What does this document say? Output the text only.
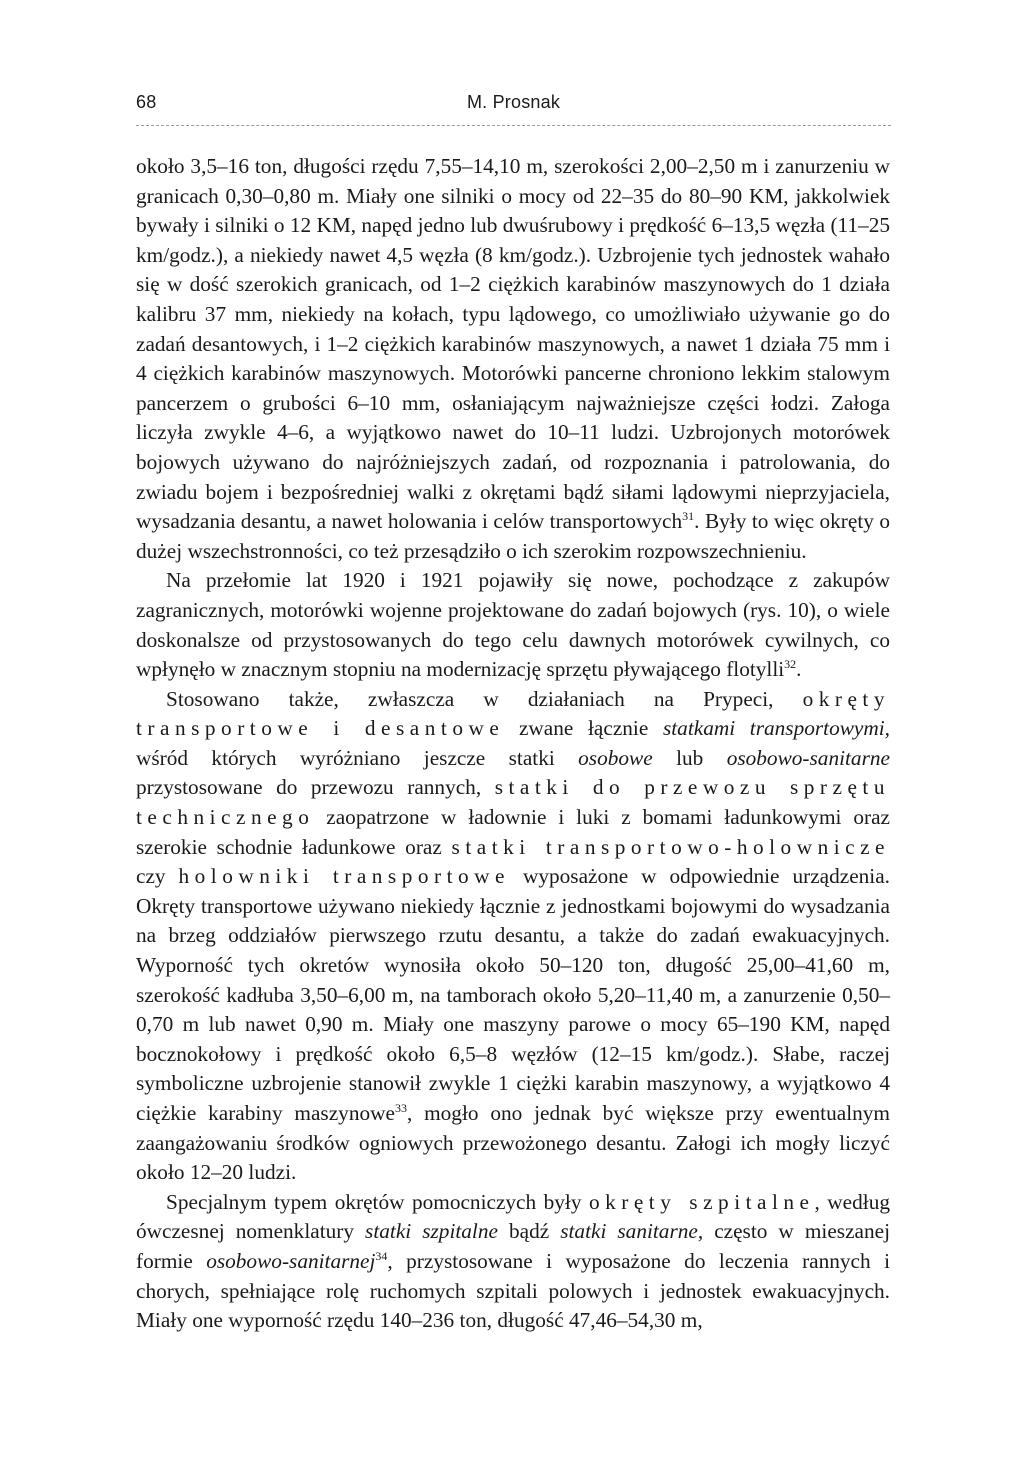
68	M. Prosnak

około 3,5–16 ton, długości rzędu 7,55–14,10 m, szerokości 2,00–2,50 m i zanurzeniu w granicach 0,30–0,80 m. Miały one silniki o mocy od 22–35 do 80–90 KM, jakkolwiek bywały i silniki o 12 KM, napęd jedno lub dwuśrubowy i prędkość 6–13,5 węzła (11–25 km/godz.), a niekiedy nawet 4,5 węzła (8 km/godz.). Uzbrojenie tych jednostek wahało się w dość szerokich granicach, od 1–2 ciężkich karabinów maszynowych do 1 działa kalibru 37 mm, niekiedy na kołach, typu lądowego, co umożliwiało używanie go do zadań desantowych, i 1–2 ciężkich karabinów maszynowych, a nawet 1 działa 75 mm i 4 ciężkich karabinów maszynowych. Motorówki pancerne chroniono lekkim stalowym pancerzem o grubości 6–10 mm, osłaniającym najważniejsze części łodzi. Załoga liczyła zwykle 4–6, a wyjątkowo nawet do 10–11 ludzi. Uzbrojonych motorówek bojowych używano do najróżniejszych zadań, od rozpoznania i patrolowania, do zwiadu bojem i bezpośredniej walki z okrętami bądź siłami lądowymi nieprzyjaciela, wysadzania desantu, a nawet holowania i celów transportowych$^{31}$. Były to więc okręty o dużej wszechstronności, co też przesądziło o ich szerokim rozpowszechnieniu.

Na przełomie lat 1920 i 1921 pojawiły się nowe, pochodzące z zakupów zagranicznych, motorówki wojenne projektowane do zadań bojowych (rys. 10), o wiele doskonalsze od przystosowanych do tego celu dawnych motorówek cywilnych, co wpłynęło w znacznym stopniu na modernizację sprzętu pływającego flotylli$^{32}$.

Stosowano także, zwłaszcza w działaniach na Prypeci, okręty transportowe i desantowe zwane łącznie statkami transportowymi, wśród których wyróżniano jeszcze statki osobowe lub osobowo-sanitarne przystosowane do przewozu rannych, statki do przewozu sprzętu technicznego zaopatrzone w ładownie i luki z bomami ładunkowymi oraz szerokie schodnie ładunkowe oraz statki transportowo-holownicze czy holowniki transportowe wyposażone w odpowiednie urządzenia. Okręty transportowe używano niekiedy łącznie z jednostkami bojowymi do wysadzania na brzeg oddziałów pierwszego rzutu desantu, a także do zadań ewakuacyjnych. Wyporność tych okretów wynosiła około 50–120 ton, długość 25,00–41,60 m, szerokość kadłuba 3,50–6,00 m, na tamborach około 5,20–11,40 m, a zanurzenie 0,50–0,70 m lub nawet 0,90 m. Miały one maszyny parowe o mocy 65–190 KM, napęd bocznokołowy i prędkość około 6,5–8 węzłów (12–15 km/godz.). Słabe, raczej symboliczne uzbrojenie stanowił zwykle 1 ciężki karabin maszynowy, a wyjątkowo 4 ciężkie karabiny maszynowe$^{33}$, mogło ono jednak być większe przy ewentualnym zaangażowaniu środków ogniowych przewożonego desantu. Załogi ich mogły liczyć około 12–20 ludzi.

Specjalnym typem okrętów pomocniczych były okręty szpitalne, według ówczesnej nomenklatury statki szpitalne bądź statki sanitarne, często w mieszanej formie osobowo-sanitarnej$^{34}$, przystosowane i wyposażone do leczenia rannych i chorych, spełniające rolę ruchomych szpitali polowych i jednostek ewakuacyjnych. Miały one wyporność rzędu 140–236 ton, długość 47,46–54,30 m,
